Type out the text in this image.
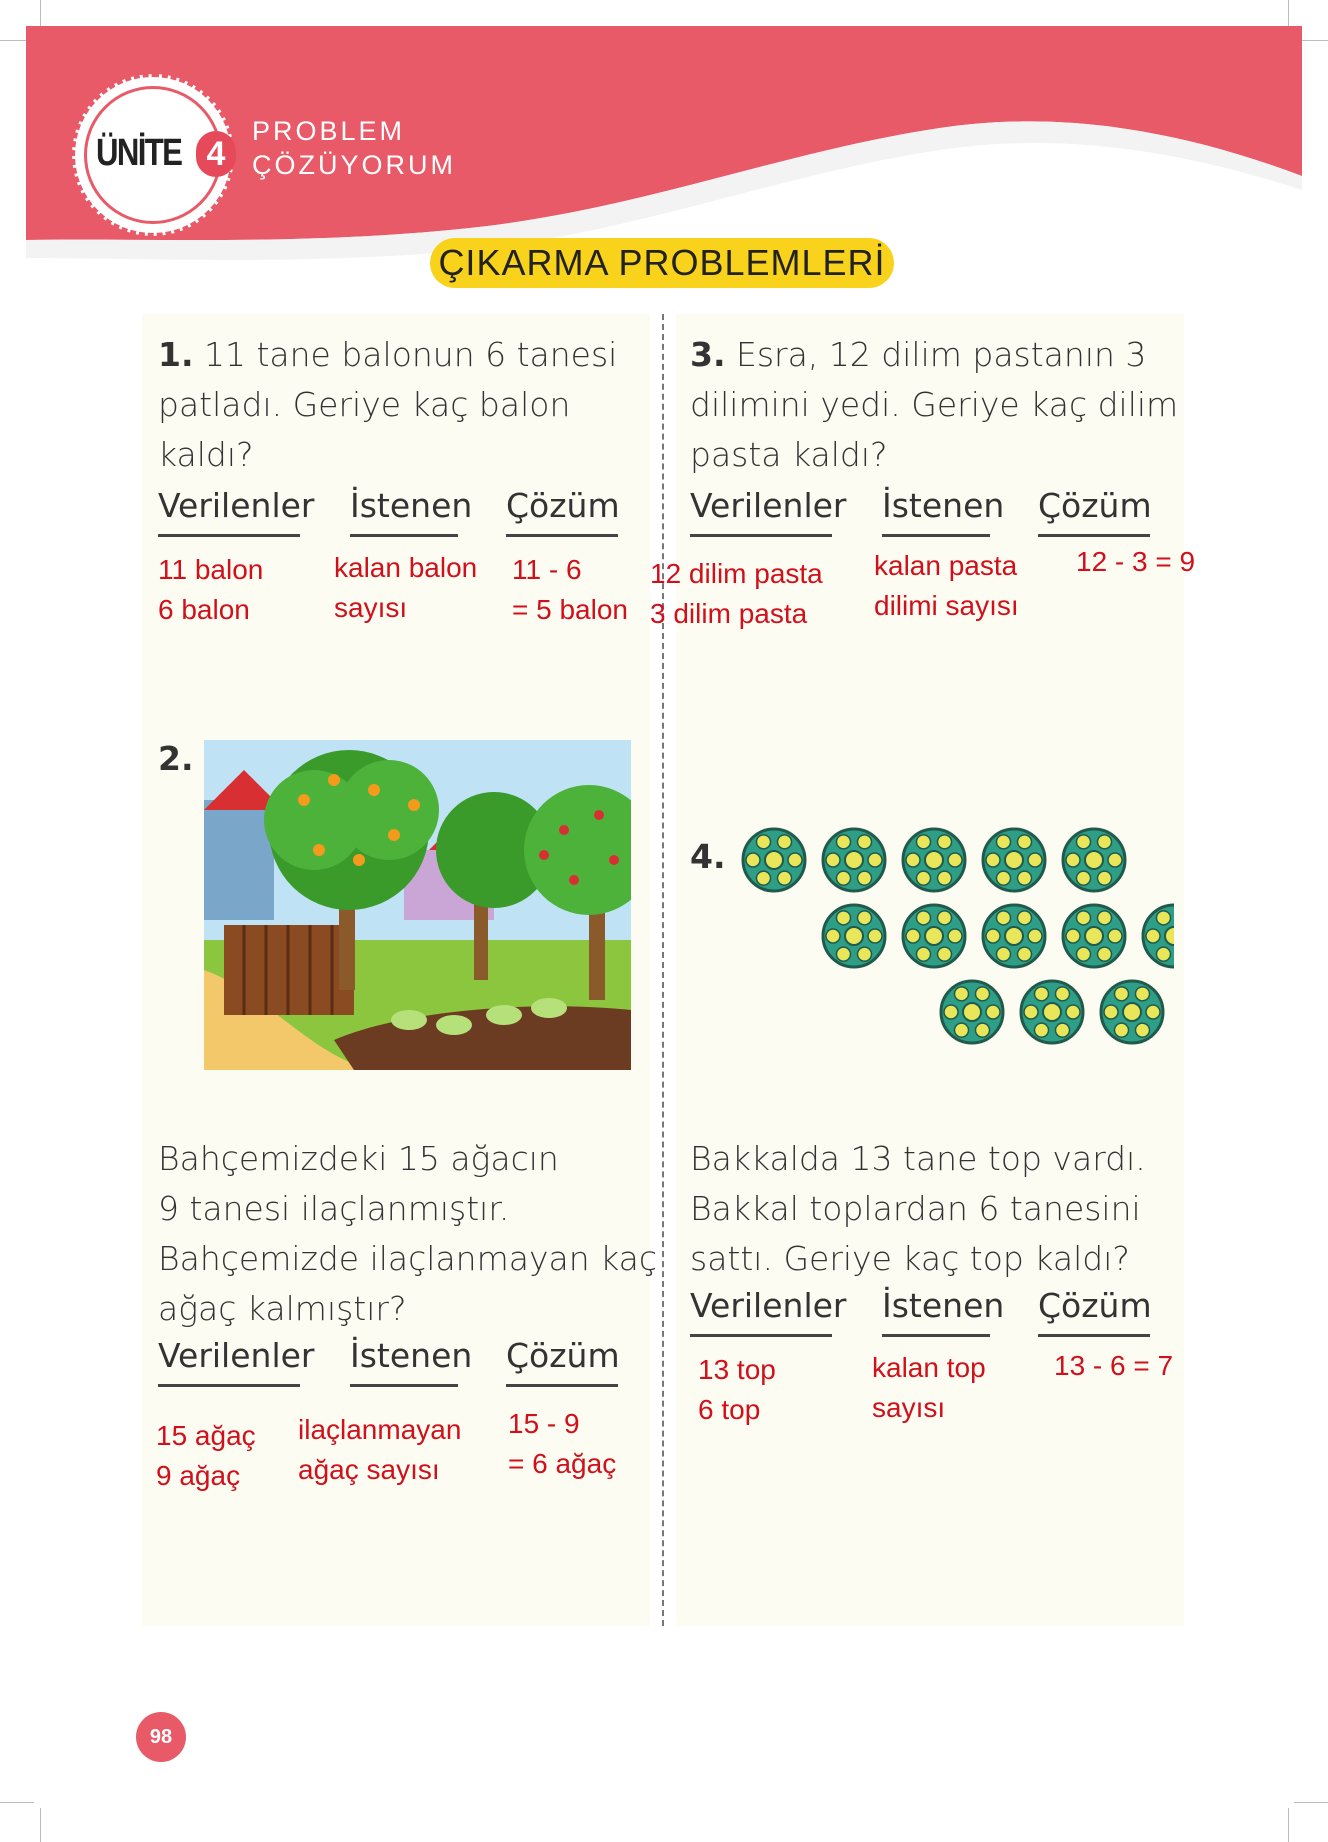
ÜNİTE 4
PROBLEM
ÇÖZÜYORUM
ÇIKARMA PROBLEMLERİ
1. 11 tane balonun 6 tanesi
patladı. Geriye kaç balon
kaldı?
Verilenler İstenen Çözüm
11 balon
6 balon
kalan balon
sayısı
11 - 6
= 5 balon
2.
Bahçemizdeki 15 ağacın
9 tanesi ilaçlanmıştır.
Bahçemizde ilaçlanmayan kaç
ağaç kalmıştır?
Verilenler İstenen Çözüm
15 ağaç
9 ağaç
ilaçlanmayan
ağaç sayısı
15 - 9
= 6 ağaç
3. Esra, 12 dilim pastanın 3
dilimini yedi. Geriye kaç dilim
pasta kaldı?
Verilenler İstenen Çözüm
12 dilim pasta
3 dilim pasta
kalan pasta
dilimi sayısı
12 - 3 = 9
4.
Bakkalda 13 tane top vardı.
Bakkal toplardan 6 tanesini
sattı. Geriye kaç top kaldı?
Verilenler İstenen Çözüm
13 top
6 top
kalan top
sayısı
13 - 6 = 7
98
